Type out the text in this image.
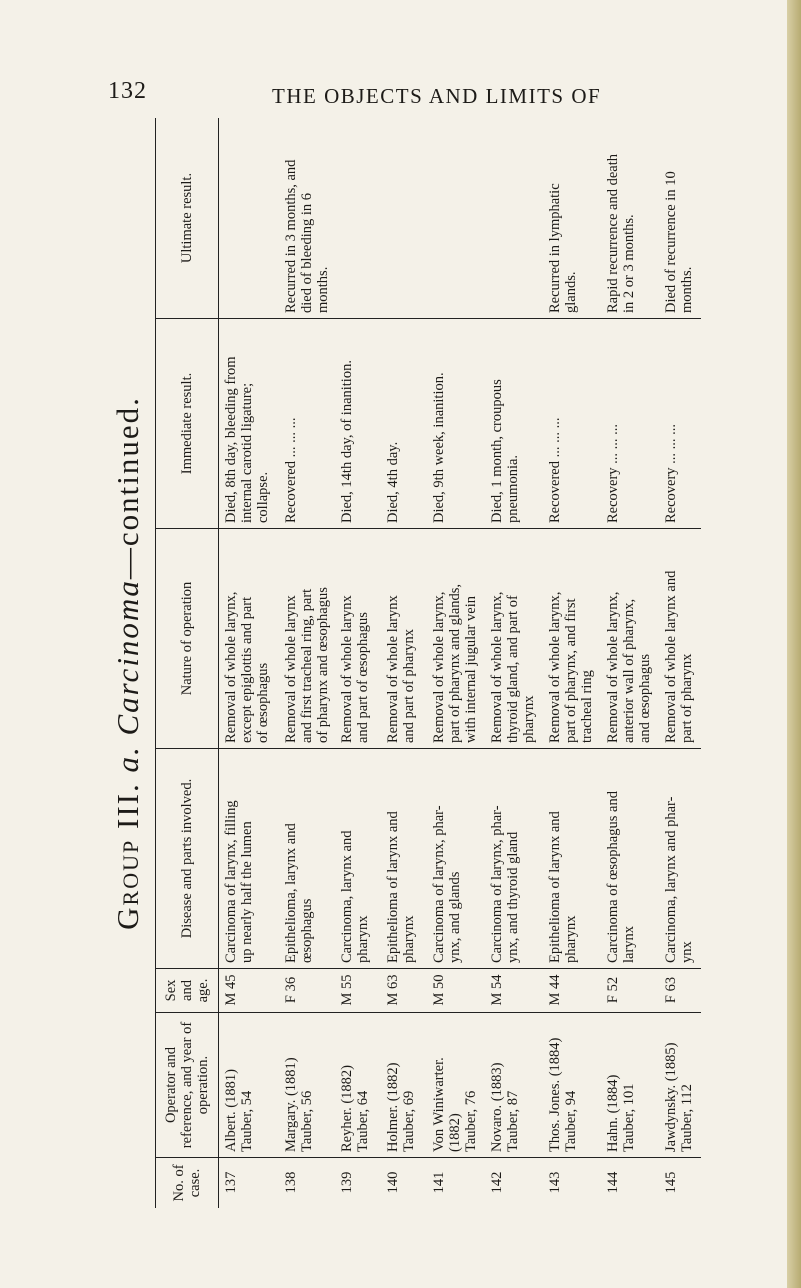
132	THE OBJECTS AND LIMITS OF
Group III. a. Carcinoma—continued.
No. of case.
Operator and reference, and year of operation.
Sex and age.
Disease and parts involved.
Nature of operation
Immediate result.
Ultimate result.
137
Albert. (1881)
Tauber, 54
M 45
Carcinoma of larynx, filling
up nearly half the lumen
Removal of whole larynx,
except epiglottis and part
of œsophagus
Died, 8th day, bleeding from
internal carotid ligature;
collapse.
138
Margary. (1881)
Tauber, 56
F 36
Epithelioma, larynx and
œsophagus
Removal of whole larynx
and first tracheal ring, part
of pharynx and œsophagus
Recovered ... ... ...
Recurred in 3 months, and
died of bleeding in 6
months.
139
Reyher. (1882)
Tauber, 64
M 55
Carcinoma, larynx and
pharynx
Removal of whole larynx
and part of œsophagus
Died, 14th day, of inanition.
140
Holmer. (1882)
Tauber, 69
M 63
Epithelioma of larynx and
pharynx
Removal of whole larynx
and part of pharynx
Died, 4th day.
141
Von Winiwarter. (1882)
Tauber, 76
M 50
Carcinoma of larynx, phar-
ynx, and glands
Removal of whole larynx,
part of pharynx and glands,
with internal jugular vein
Died, 9th week, inanition.
142
Novaro. (1883)
Tauber, 87
M 54
Carcinoma of larynx, phar-
ynx, and thyroid gland
Removal of whole larynx,
thyroid gland, and part of
pharynx
Died, 1 month, croupous
pneumonia.
143
Thos. Jones. (1884)
Tauber, 94
M 44
Epithelioma of larynx and
pharynx
Removal of whole larynx,
part of pharynx, and first
tracheal ring
Recovered ... ... ...
Recurred in lymphatic
glands.
144
Hahn. (1884)
Tauber, 101
F 52
Carcinoma of œsophagus and
larynx
Removal of whole larynx,
anterior wall of pharynx,
and œsophagus
Recovery ... ... ...
Rapid recurrence and death
in 2 or 3 months.
145
Jawdynsky. (1885)
Tauber, 112
F 63
Carcinoma, larynx and phar-
ynx
Removal of whole larynx and
part of pharynx
Recovery ... ... ...
Died of recurrence in 10
months.
